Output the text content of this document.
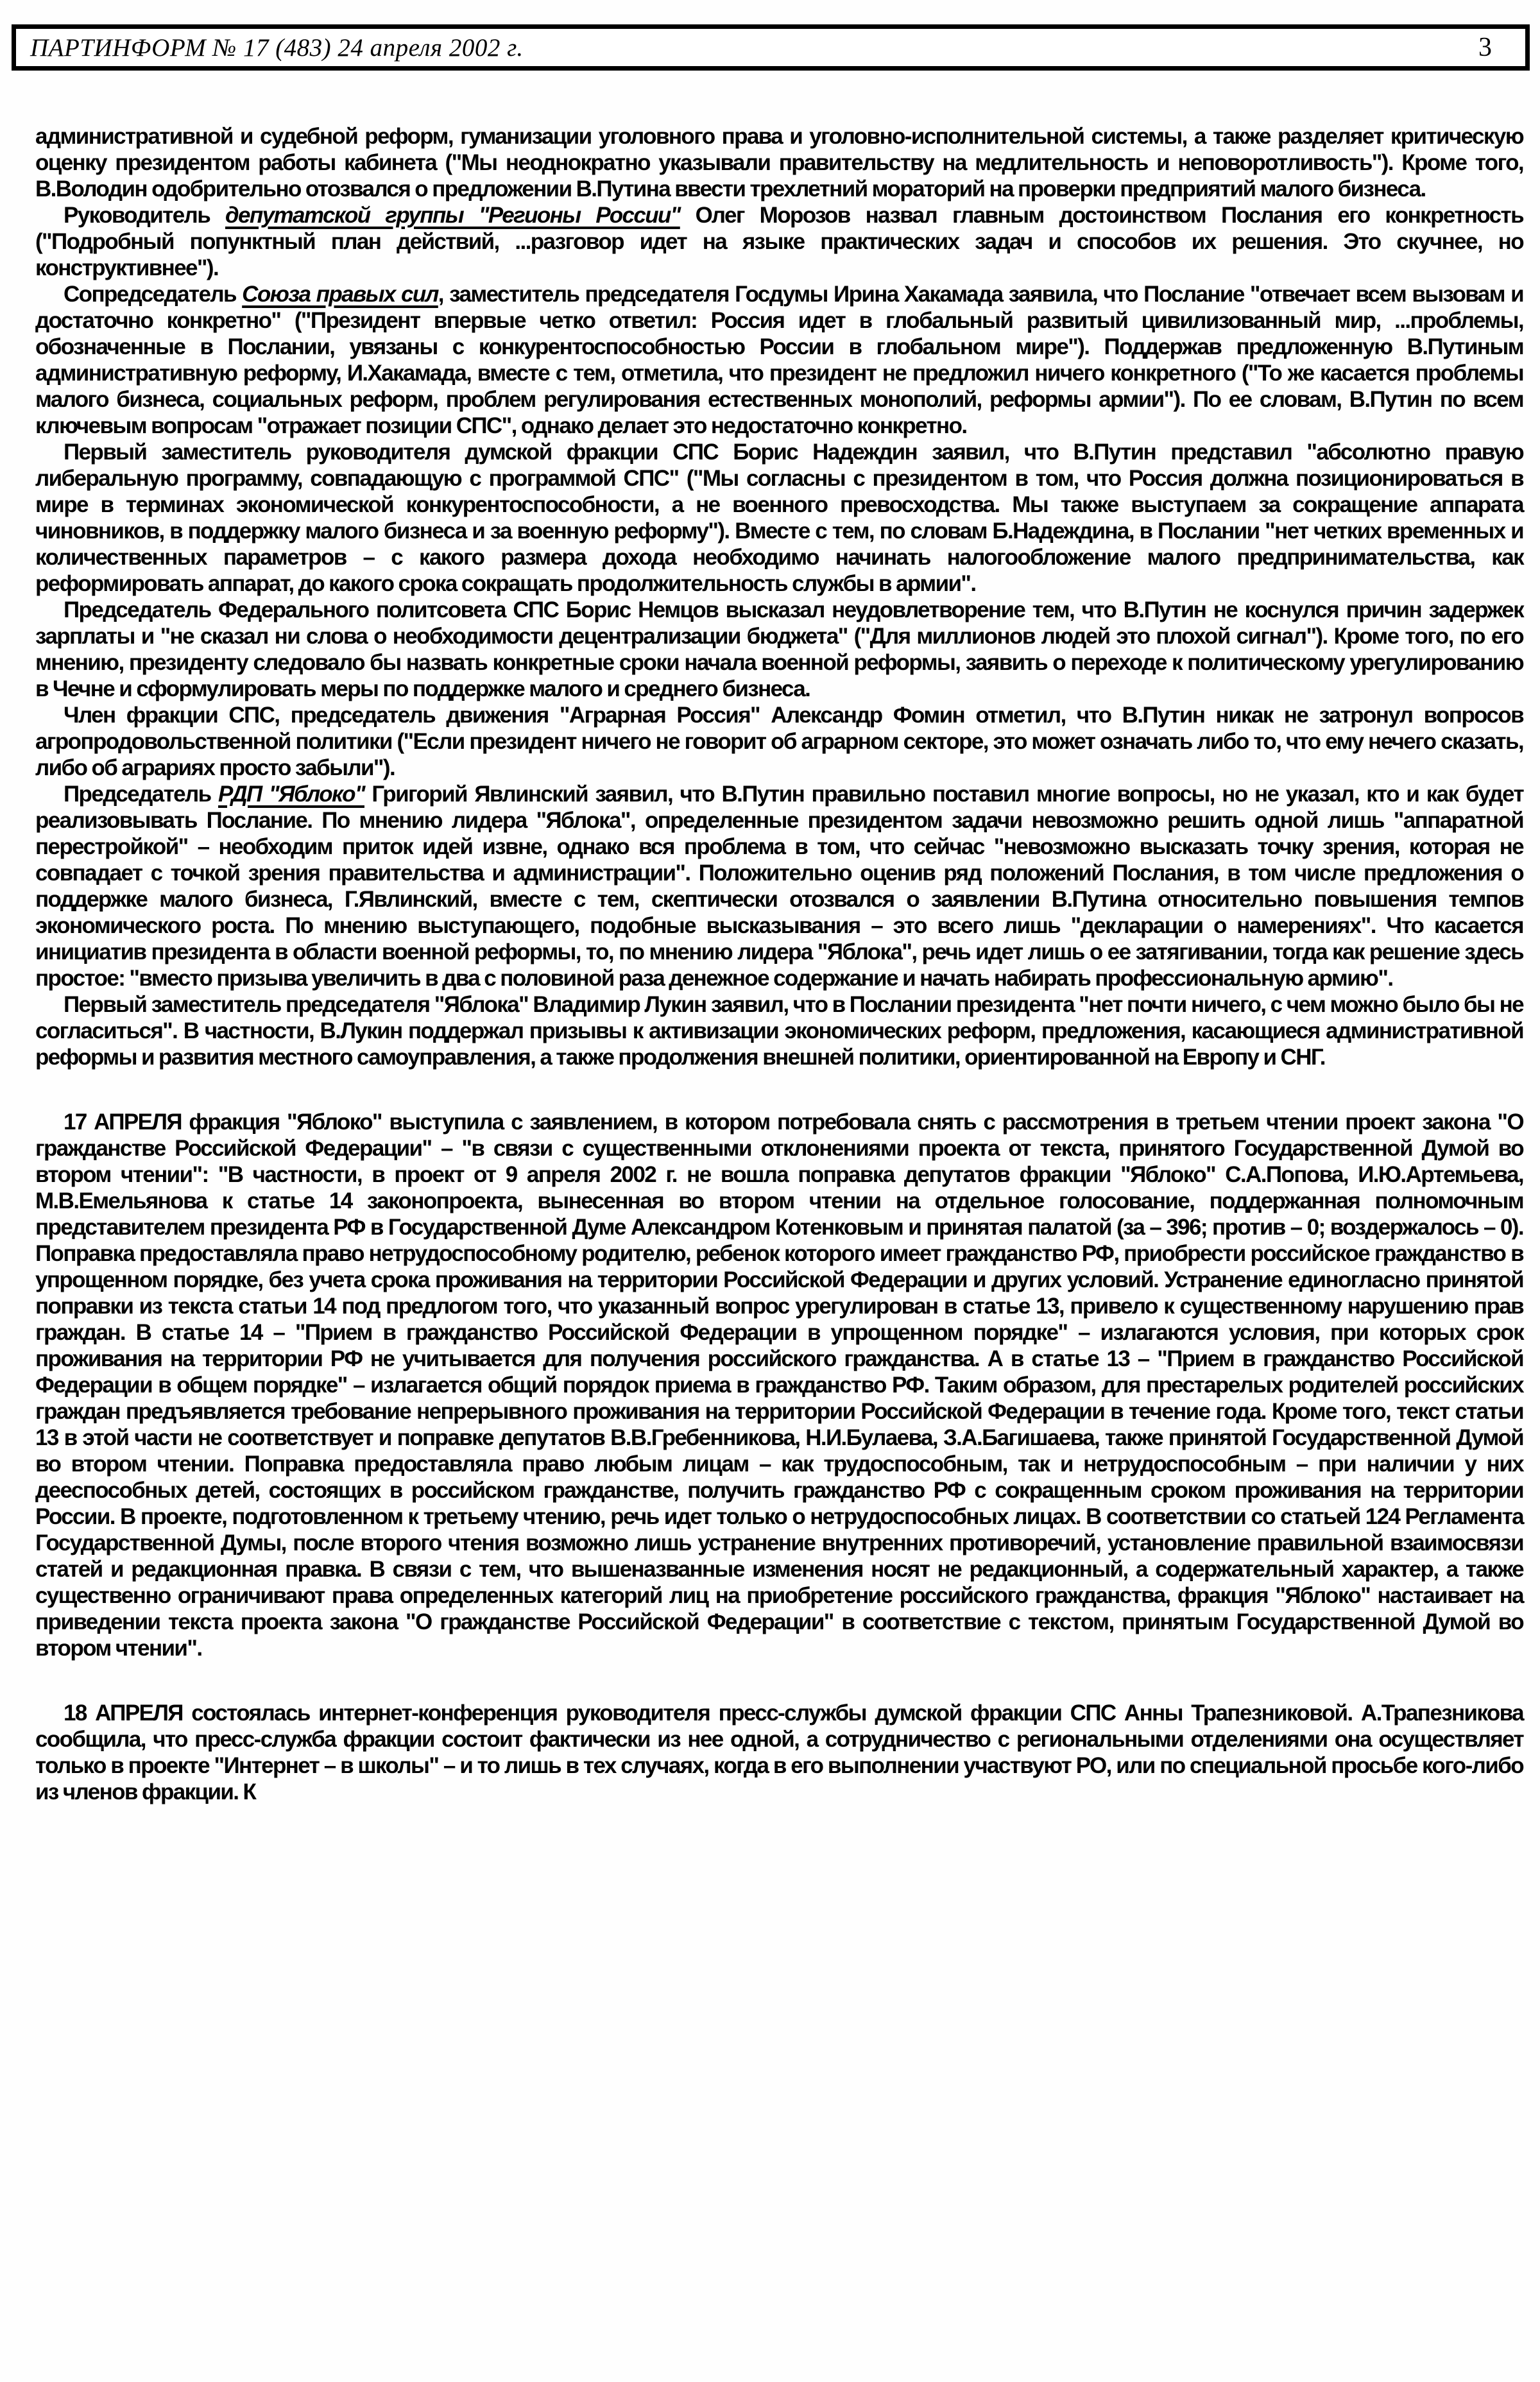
ПАРТИНФОРМ № 17 (483) 24 апреля 2002 г.	3

административной и судебной реформ, гуманизации уголовного права и уголовно-исполнительной системы, а также разделяет критическую оценку президентом работы кабинета ("Мы неоднократно указывали правительству на медлительность и неповоротливость"). Кроме того, В.Володин одобрительно отозвался о предложении В.Путина ввести трехлетний мораторий на проверки предприятий малого бизнеса.

Руководитель депутатской группы "Регионы России" Олег Морозов назвал главным достоинством Послания его конкретность ("Подробный попунктный план действий, ...разговор идет на языке практических задач и способов их решения. Это скучнее, но конструктивнее").

Сопредседатель Союза правых сил, заместитель председателя Госдумы Ирина Хакамада заявила, что Послание "отвечает всем вызовам и достаточно конкретно" ("Президент впервые четко ответил: Россия идет в глобальный развитый цивилизованный мир, ...проблемы, обозначенные в Послании, увязаны с конкурентоспособностью России в глобальном мире"). Поддержав предложенную В.Путиным административную реформу, И.Хакамада, вместе с тем, отметила, что президент не предложил ничего конкретного ("То же касается проблемы малого бизнеса, социальных реформ, проблем регулирования естественных монополий, реформы армии"). По ее словам, В.Путин по всем ключевым вопросам "отражает позиции СПС", однако делает это недостаточно конкретно.

Первый заместитель руководителя думской фракции СПС Борис Надеждин заявил, что В.Путин представил "абсолютно правую либеральную программу, совпадающую с программой СПС" ("Мы согласны с президентом в том, что Россия должна позиционироваться в мире в терминах экономической конкурентоспособности, а не военного превосходства. Мы также выступаем за сокращение аппарата чиновников, в поддержку малого бизнеса и за военную реформу"). Вместе с тем, по словам Б.Надеждина, в Послании "нет четких временных и количественных параметров – с какого размера дохода необходимо начинать налогообложение малого предпринимательства, как реформировать аппарат, до какого срока сокращать продолжительность службы в армии".

Председатель Федерального политсовета СПС Борис Немцов высказал неудовлетворение тем, что В.Путин не коснулся причин задержек зарплаты и "не сказал ни слова о необходимости децентрализации бюджета" ("Для миллионов людей это плохой сигнал"). Кроме того, по его мнению, президенту следовало бы назвать конкретные сроки начала военной реформы, заявить о переходе к политическому урегулированию в Чечне и сформулировать меры по поддержке малого и среднего бизнеса.

Член фракции СПС, председатель движения "Аграрная Россия" Александр Фомин отметил, что В.Путин никак не затронул вопросов агропродовольственной политики ("Если президент ничего не говорит об аграрном секторе, это может означать либо то, что ему нечего сказать, либо об аграриях просто забыли").

Председатель РДП "Яблоко" Григорий Явлинский заявил, что В.Путин правильно поставил многие вопросы, но не указал, кто и как будет реализовывать Послание. По мнению лидера "Яблока", определенные президентом задачи невозможно решить одной лишь "аппаратной перестройкой" – необходим приток идей извне, однако вся проблема в том, что сейчас "невозможно высказать точку зрения, которая не совпадает с точкой зрения правительства и администрации". Положительно оценив ряд положений Послания, в том числе предложения о поддержке малого бизнеса, Г.Явлинский, вместе с тем, скептически отозвался о заявлении В.Путина относительно повышения темпов экономического роста. По мнению выступающего, подобные высказывания – это всего лишь "декларации о намерениях". Что касается инициатив президента в области военной реформы, то, по мнению лидера "Яблока", речь идет лишь о ее затягивании, тогда как решение здесь простое: "вместо призыва увеличить в два с половиной раза денежное содержание и начать набирать профессиональную армию".

Первый заместитель председателя "Яблока" Владимир Лукин заявил, что в Послании президента "нет почти ничего, с чем можно было бы не согласиться". В частности, В.Лукин поддержал призывы к активизации экономических реформ, предложения, касающиеся административной реформы и развития местного самоуправления, а также продолжения внешней политики, ориентированной на Европу и СНГ.

17 АПРЕЛЯ фракция "Яблоко" выступила с заявлением, в котором потребовала снять с рассмотрения в третьем чтении проект закона "О гражданстве Российской Федерации" – "в связи с существенными отклонениями проекта от текста, принятого Государственной Думой во втором чтении": "В частности, в проект от 9 апреля 2002 г. не вошла поправка депутатов фракции "Яблоко" С.А.Попова, И.Ю.Артемьева, М.В.Емельянова к статье 14 законопроекта, вынесенная во втором чтении на отдельное голосование, поддержанная полномочным представителем президента РФ в Государственной Думе Александром Котенковым и принятая палатой (за – 396; против – 0; воздержалось – 0). Поправка предоставляла право нетрудоспособному родителю, ребенок которого имеет гражданство РФ, приобрести российское гражданство в упрощенном порядке, без учета срока проживания на территории Российской Федерации и других условий. Устранение единогласно принятой поправки из текста статьи 14 под предлогом того, что указанный вопрос урегулирован в статье 13, привело к существенному нарушению прав граждан. В статье 14 – "Прием в гражданство Российской Федерации в упрощенном порядке" – излагаются условия, при которых срок проживания на территории РФ не учитывается для получения российского гражданства. А в статье 13 – "Прием в гражданство Российской Федерации в общем порядке" – излагается общий порядок приема в гражданство РФ. Таким образом, для престарелых родителей российских граждан предъявляется требование непрерывного проживания на территории Российской Федерации в течение года. Кроме того, текст статьи 13 в этой части не соответствует и поправке депутатов В.В.Гребенникова, Н.И.Булаева, З.А.Багишаева, также принятой Государственной Думой во втором чтении. Поправка предоставляла право любым лицам – как трудоспособным, так и нетрудоспособным – при наличии у них дееспособных детей, состоящих в российском гражданстве, получить гражданство РФ с сокращенным сроком проживания на территории России. В проекте, подготовленном к третьему чтению, речь идет только о нетрудоспособных лицах. В соответствии со статьей 124 Регламента Государственной Думы, после второго чтения возможно лишь устранение внутренних противоречий, установление правильной взаимосвязи статей и редакционная правка. В связи с тем, что вышеназванные изменения носят не редакционный, а содержательный характер, а также существенно ограничивают права определенных категорий лиц на приобретение российского гражданства, фракция "Яблоко" настаивает на приведении текста проекта закона "О гражданстве Российской Федерации" в соответствие с текстом, принятым Государственной Думой во втором чтении".

18 АПРЕЛЯ состоялась интернет-конференция руководителя пресс-службы думской фракции СПС Анны Трапезниковой. А.Трапезникова сообщила, что пресс-служба фракции состоит фактически из нее одной, а сотрудничество с региональными отделениями она осуществляет только в проекте "Интернет – в школы" – и то лишь в тех случаях, когда в его выполнении участвуют РО, или по специальной просьбе кого-либо из членов фракции. К
